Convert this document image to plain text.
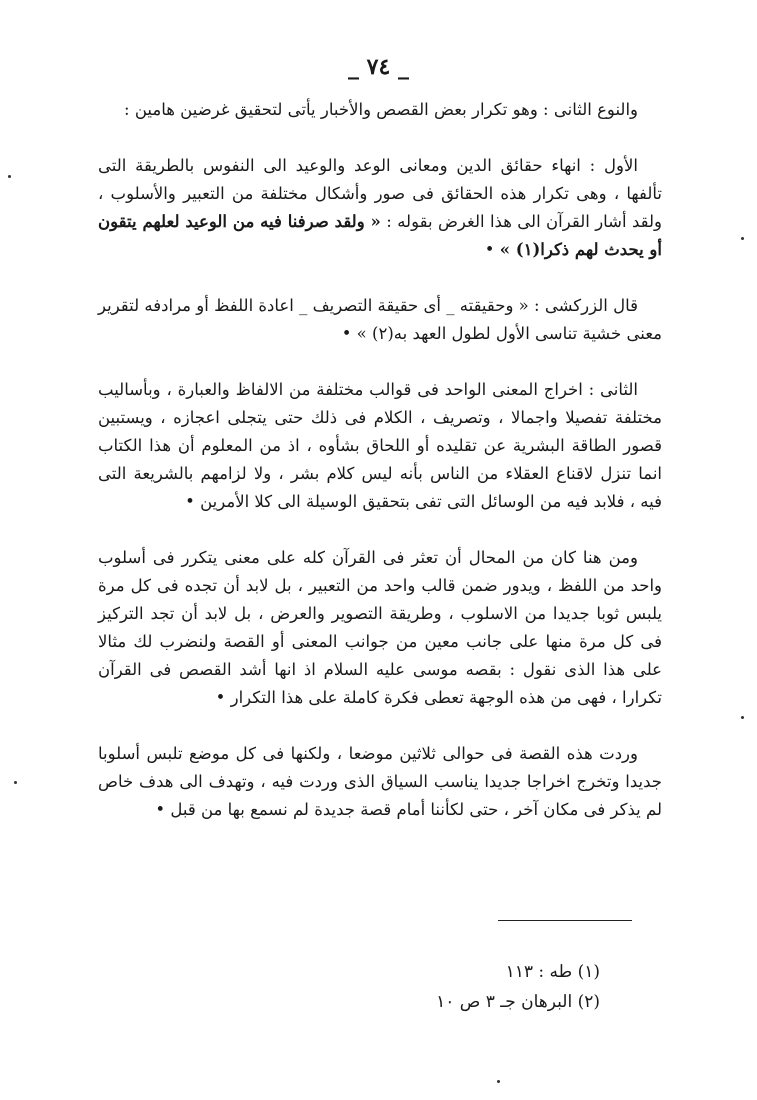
_ ٧٤ _

والنوع الثانى : وهو تكرار بعض القصص والأخبار يأتى لتحقيق غرضين هامين :

الأول : انهاء حقائق الدين ومعانى الوعد والوعيد الى النفوس بالطريقة التى تألفها ، وهى تكرار هذه الحقائق فى صور وأشكال مختلفة من التعبير والأسلوب ، ولقد أشار القرآن الى هذا الغرض بقوله : « ولقد صرفنا فيه من الوعيد لعلهم يتقون أو يحدث لهم ذكرا(١) » •

قال الزركشى : « وحقيقته _ أى حقيقة التصريف _ اعادة اللفظ أو مرادفه لتقرير معنى خشية تناسى الأول لطول العهد به(٢) » •

الثانى : اخراج المعنى الواحد فى قوالب مختلفة من الالفاظ والعبارة ، وبأساليب مختلفة تفصيلا واجمالا ، وتصريف ، الكلام فى ذلك حتى يتجلى اعجازه ، ويستبين قصور الطاقة البشرية عن تقليده أو اللحاق بشأوه ، اذ من المعلوم أن هذا الكتاب انما تنزل لاقناع العقلاء من الناس بأنه ليس كلام بشر ، ولا لزامهم بالشريعة التى فيه ، فلابد فيه من الوسائل التى تفى بتحقيق الوسيلة الى كلا الأمرين •

ومن هنا كان من المحال أن تعثر فى القرآن كله على معنى يتكرر فى أسلوب واحد من اللفظ ، ويدور ضمن قالب واحد من التعبير ، بل لابد أن تجده فى كل مرة يلبس ثوبا جديدا من الاسلوب ، وطريقة التصوير والعرض ، بل لابد أن تجد التركيز فى كل مرة منها على جانب معين من جوانب المعنى أو القصة ولنضرب لك مثالا على هذا الذى نقول : بقصه موسى عليه السلام اذ انها أشد القصص فى القرآن تكرارا ، فهى من هذه الوجهة تعطى فكرة كاملة على هذا التكرار •

وردت هذه القصة فى حوالى ثلاثين موضعا ، ولكنها فى كل موضع تلبس أسلوبا جديدا وتخرج اخراجا جديدا يناسب السياق الذى وردت فيه ، وتهدف الى هدف خاص لم يذكر فى مكان آخر ، حتى لكأننا أمام قصة جديدة لم نسمع بها من قبل •

(١) طه : ١١٣
(٢) البرهان جـ ٣ ص ١٠
